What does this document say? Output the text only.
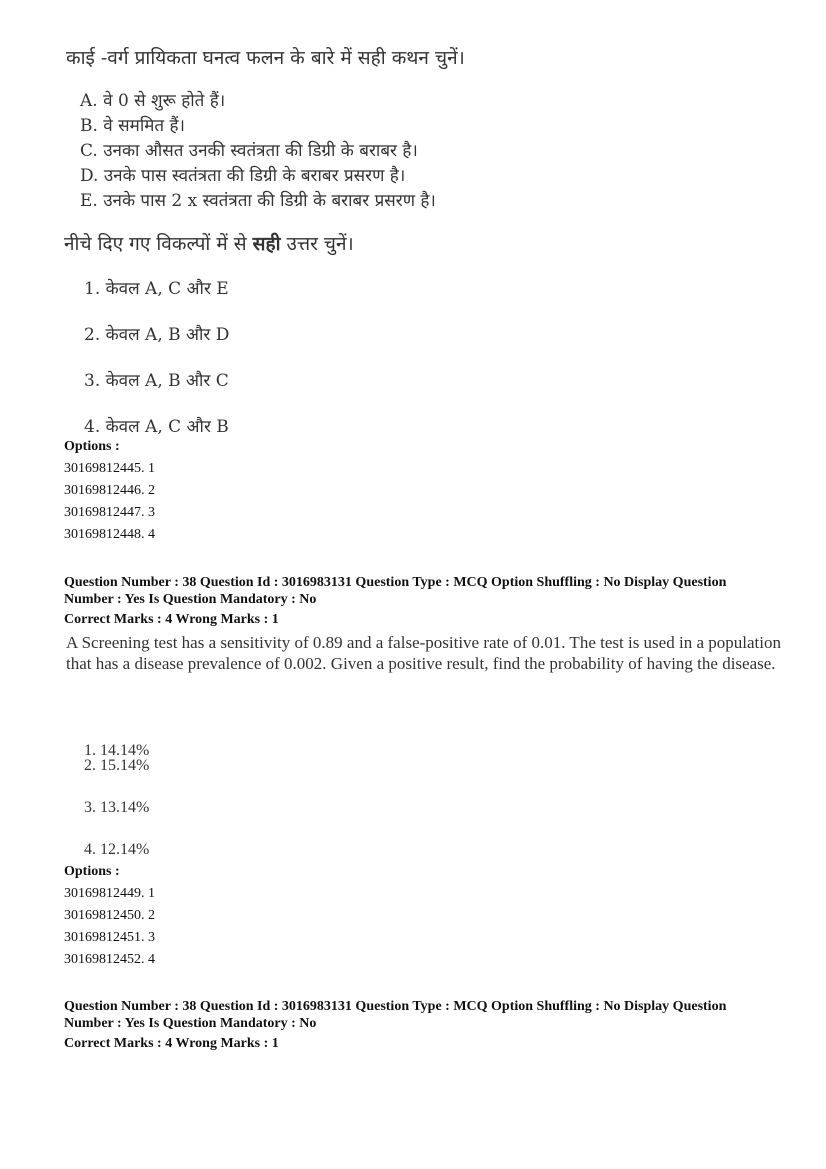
काई -वर्ग प्रायिकता घनत्व फलन के बारे में सही कथन चुनें।
A. वे 0 से शुरू होते हैं।
B. वे सममित हैं।
C. उनका औसत उनकी स्वतंत्रता की डिग्री के बराबर है।
D. उनके पास स्वतंत्रता की डिग्री के बराबर प्रसरण है।
E. उनके पास 2 x स्वतंत्रता की डिग्री के बराबर प्रसरण है।
नीचे दिए गए विकल्पों में से सही उत्तर चुनें।
1. केवल A, C और E
2. केवल A, B और D
3. केवल A, B और C
4. केवल A, C और B
Options :
30169812445. 1
30169812446. 2
30169812447. 3
30169812448. 4
Question Number : 38 Question Id : 3016983131 Question Type : MCQ Option Shuffling : No Display Question
Number : Yes Is Question Mandatory : No
Correct Marks : 4 Wrong Marks : 1
A Screening test has a sensitivity of 0.89 and a false-positive rate of 0.01. The test is used in a population that has a disease prevalence of 0.002. Given a positive result, find the probability of having the disease.
1. 14.14%
2. 15.14%
3. 13.14%
4. 12.14%
Options :
30169812449. 1
30169812450. 2
30169812451. 3
30169812452. 4
Question Number : 38 Question Id : 3016983131 Question Type : MCQ Option Shuffling : No Display Question
Number : Yes Is Question Mandatory : No
Correct Marks : 4 Wrong Marks : 1
